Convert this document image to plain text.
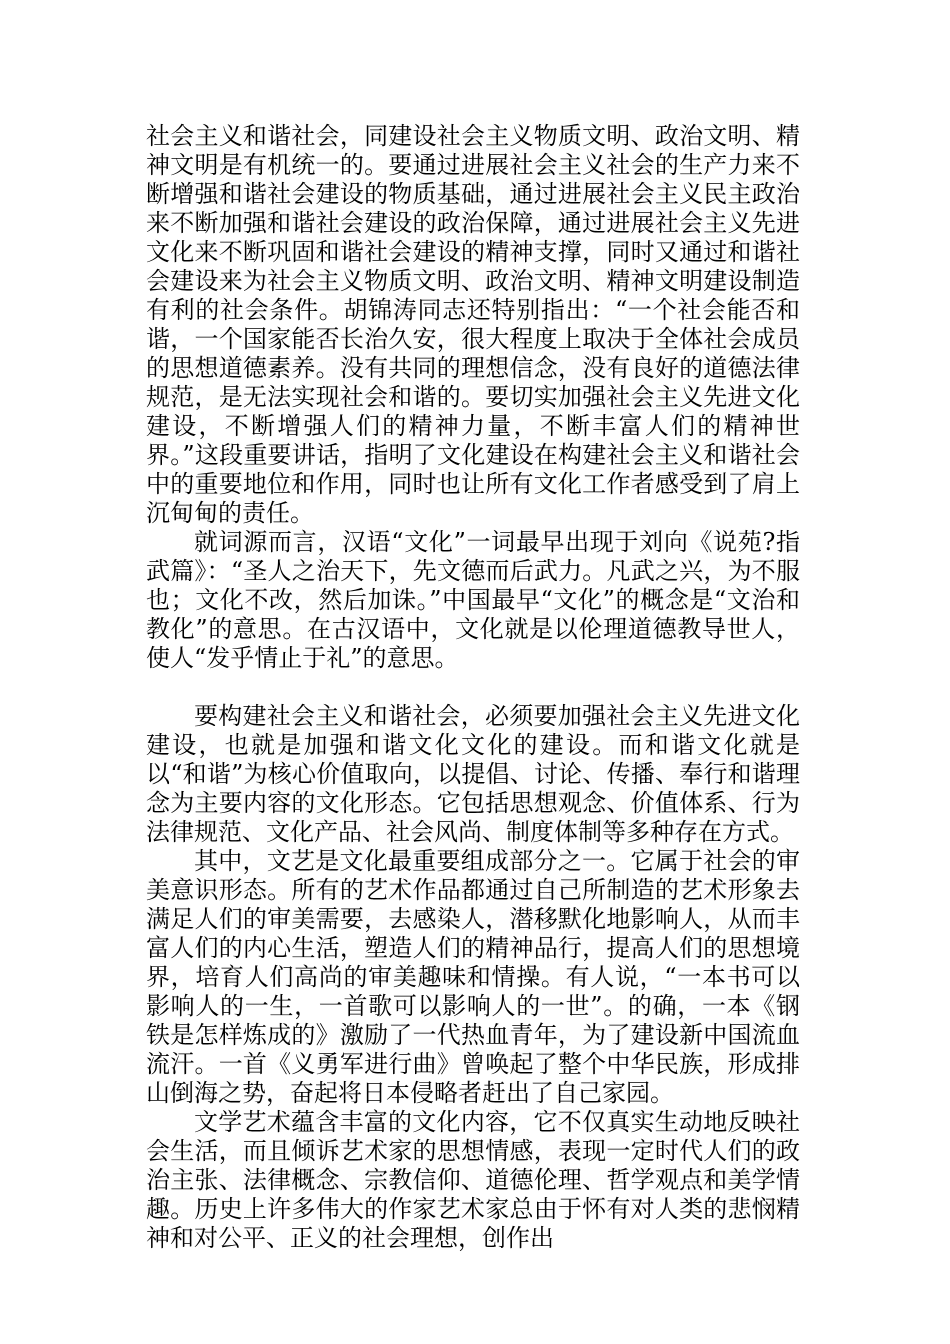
社会主义和谐社会，同建设社会主义物质文明、政治文明、精神文明是有机统一的。要通过进展社会主义社会的生产力来不断增强和谐社会建设的物质基础，通过进展社会主义民主政治来不断加强和谐社会建设的政治保障，通过进展社会主义先进文化来不断巩固和谐社会建设的精神支撑，同时又通过和谐社会建设来为社会主义物质文明、政治文明、精神文明建设制造有利的社会条件。胡锦涛同志还特别指出：“一个社会能否和谐，一个国家能否长治久安，很大程度上取决于全体社会成员的思想道德素养。没有共同的理想信念，没有良好的道德法律规范，是无法实现社会和谐的。要切实加强社会主义先进文化建设，不断增强人们的精神力量，不断丰富人们的精神世界。”这段重要讲话，指明了文化建设在构建社会主义和谐社会中的重要地位和作用，同时也让所有文化工作者感受到了肩上沉甸甸的责任。

就词源而言，汉语“文化”一词最早出现于刘向《说苑?指武篇》：“圣人之治天下，先文德而后武力。凡武之兴，为不服也；文化不改，然后加诛。”中国最早“文化”的概念是“文治和教化”的意思。在古汉语中，文化就是以伦理道德教导世人，使人“发乎情止于礼”的意思。

要构建社会主义和谐社会，必须要加强社会主义先进文化建设，也就是加强和谐文化文化的建设。而和谐文化就是以“和谐”为核心价值取向，以提倡、讨论、传播、奉行和谐理念为主要内容的文化形态。它包括思想观念、价值体系、行为法律规范、文化产品、社会风尚、制度体制等多种存在方式。

其中，文艺是文化最重要组成部分之一。它属于社会的审美意识形态。所有的艺术作品都通过自己所制造的艺术形象去满足人们的审美需要，去感染人，潜移默化地影响人，从而丰富人们的内心生活，塑造人们的精神品行，提高人们的思想境界，培育人们高尚的审美趣味和情操。有人说，“一本书可以影响人的一生，一首歌可以影响人的一世”。的确，一本《钢铁是怎样炼成的》激励了一代热血青年，为了建设新中国流血流汗。一首《义勇军进行曲》曾唤起了整个中华民族，形成排山倒海之势，奋起将日本侵略者赶出了自己家园。

文学艺术蕴含丰富的文化内容，它不仅真实生动地反映社会生活，而且倾诉艺术家的思想情感，表现一定时代人们的政治主张、法律概念、宗教信仰、道德伦理、哲学观点和美学情趣。历史上许多伟大的作家艺术家总由于怀有对人类的悲悯精神和对公平、正义的社会理想，创作出
